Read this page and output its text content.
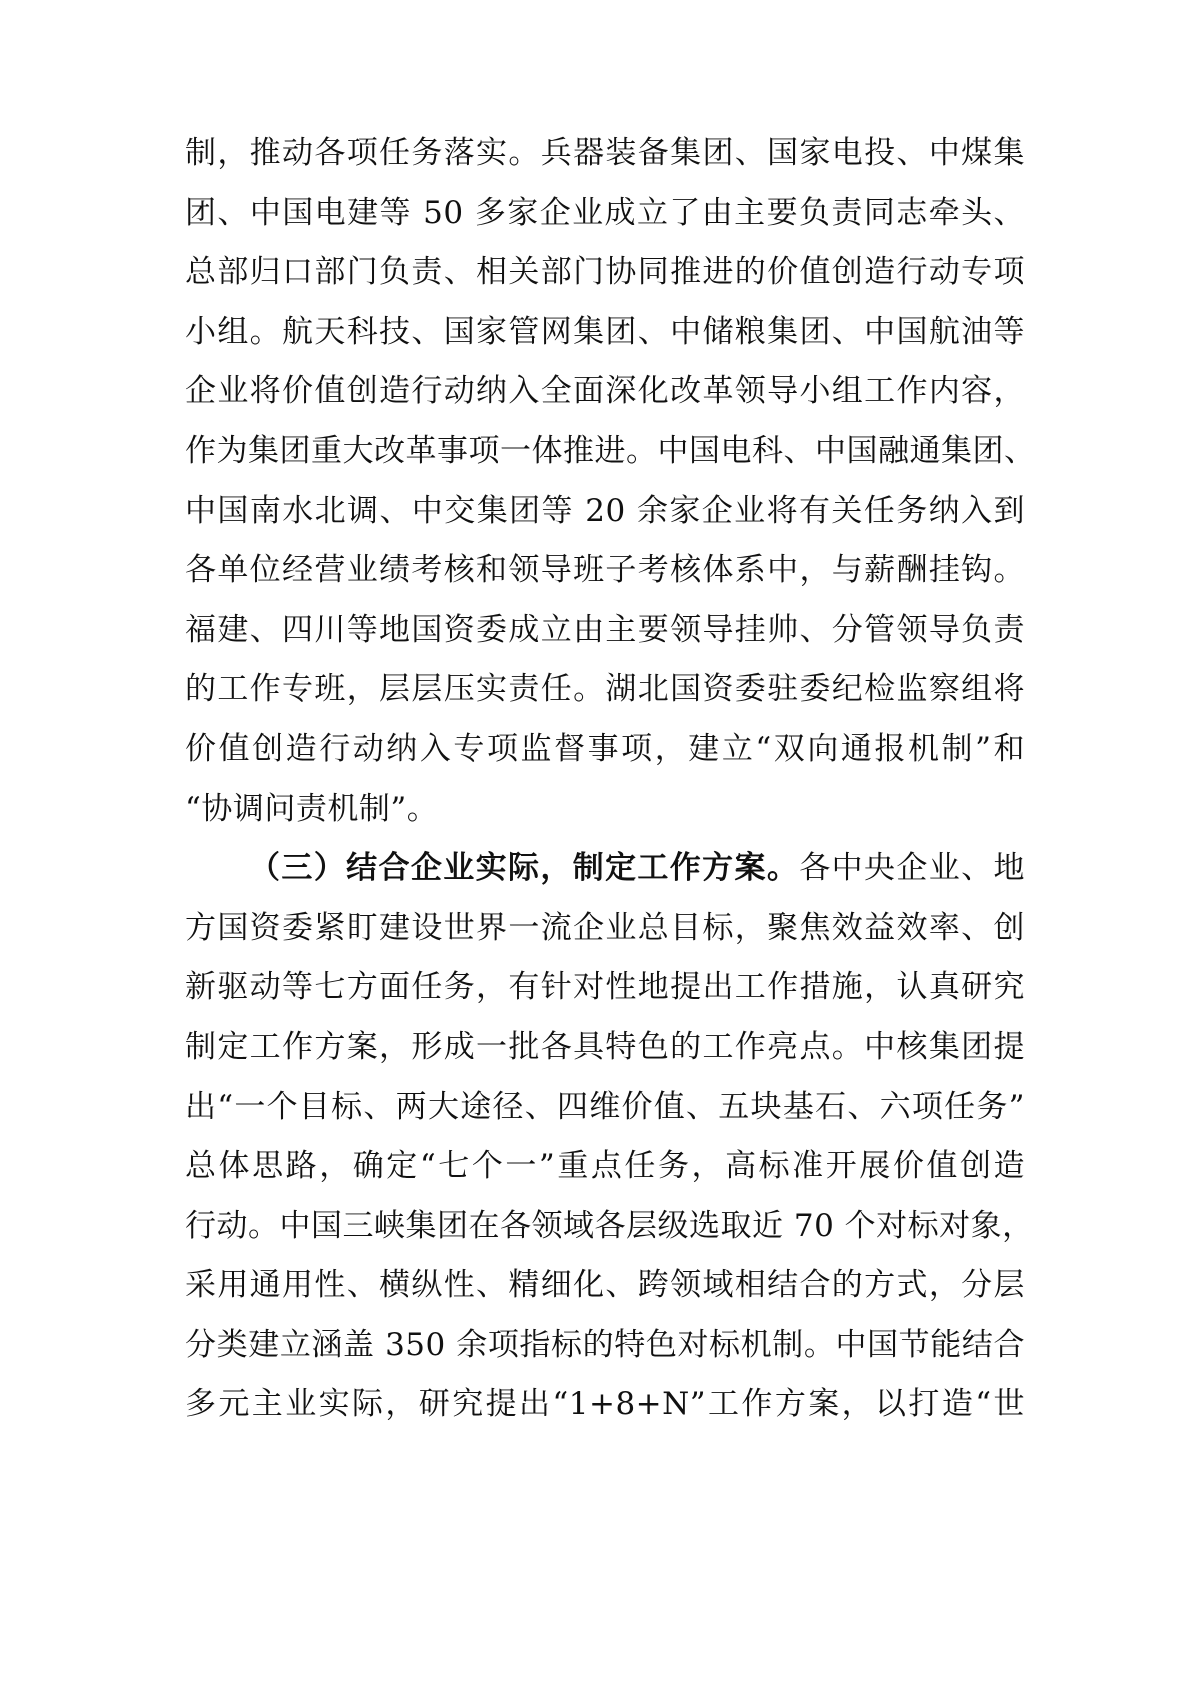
制，推动各项任务落实。兵器装备集团、国家电投、中煤集
团、中国电建等 50 多家企业成立了由主要负责同志牵头、
总部归口部门负责、相关部门协同推进的价值创造行动专项
小组。航天科技、国家管网集团、中储粮集团、中国航油等
企业将价值创造行动纳入全面深化改革领导小组工作内容，
作为集团重大改革事项一体推进。中国电科、中国融通集团、
中国南水北调、中交集团等 20 余家企业将有关任务纳入到
各单位经营业绩考核和领导班子考核体系中，与薪酬挂钩。
福建、四川等地国资委成立由主要领导挂帅、分管领导负责
的工作专班，层层压实责任。湖北国资委驻委纪检监察组将
价值创造行动纳入专项监督事项，建立“双向通报机制”和
“协调问责机制”。
（三）结合企业实际，制定工作方案。各中央企业、地
方国资委紧盯建设世界一流企业总目标，聚焦效益效率、创
新驱动等七方面任务，有针对性地提出工作措施，认真研究
制定工作方案，形成一批各具特色的工作亮点。中核集团提
出“一个目标、两大途径、四维价值、五块基石、六项任务”
总体思路，确定“七个一”重点任务，高标准开展价值创造
行动。中国三峡集团在各领域各层级选取近 70 个对标对象，
采用通用性、横纵性、精细化、跨领域相结合的方式，分层
分类建立涵盖 350 余项指标的特色对标机制。中国节能结合
多元主业实际，研究提出“1+8+N”工作方案，以打造“世
